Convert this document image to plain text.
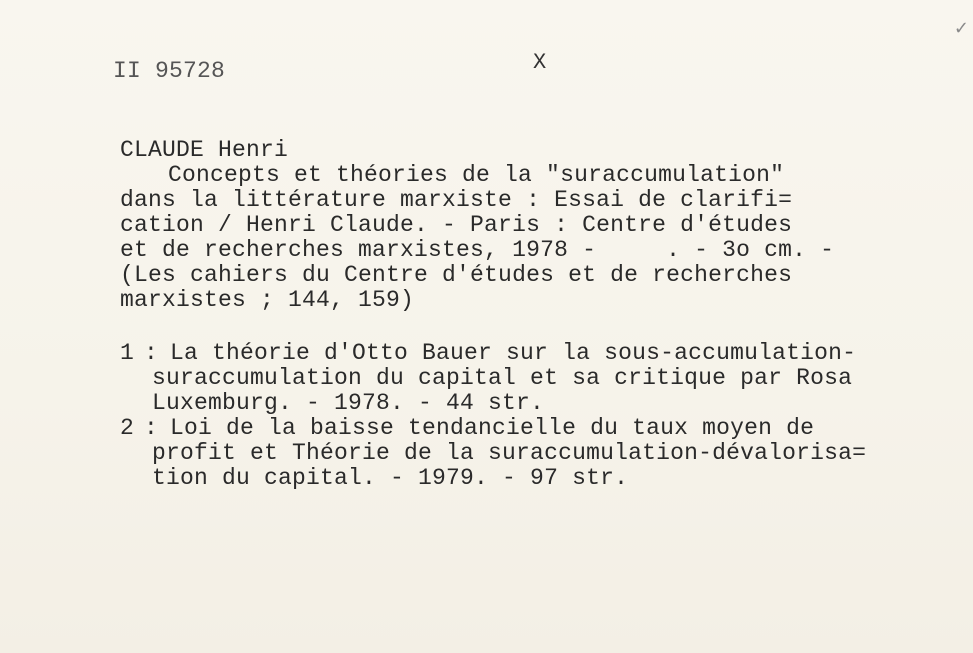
II 95728	X
✓
CLAUDE Henri
Concepts et théories de la "suraccumulation"
dans la littérature marxiste : Essai de clarifi=
cation / Henri Claude. - Paris : Centre d'études
et de recherches marxistes, 1978 -     . - 3o cm. -
(Les cahiers du Centre d'études et de recherches
marxistes ; 144, 159)
1 : La théorie d'Otto Bauer sur la sous-accumulation-
suraccumulation du capital et sa critique par Rosa
Luxemburg. - 1978. - 44 str.
2 : Loi de la baisse tendancielle du taux moyen de
profit et Théorie de la suraccumulation-dévalorisa=
tion du capital. - 1979. - 97 str.
